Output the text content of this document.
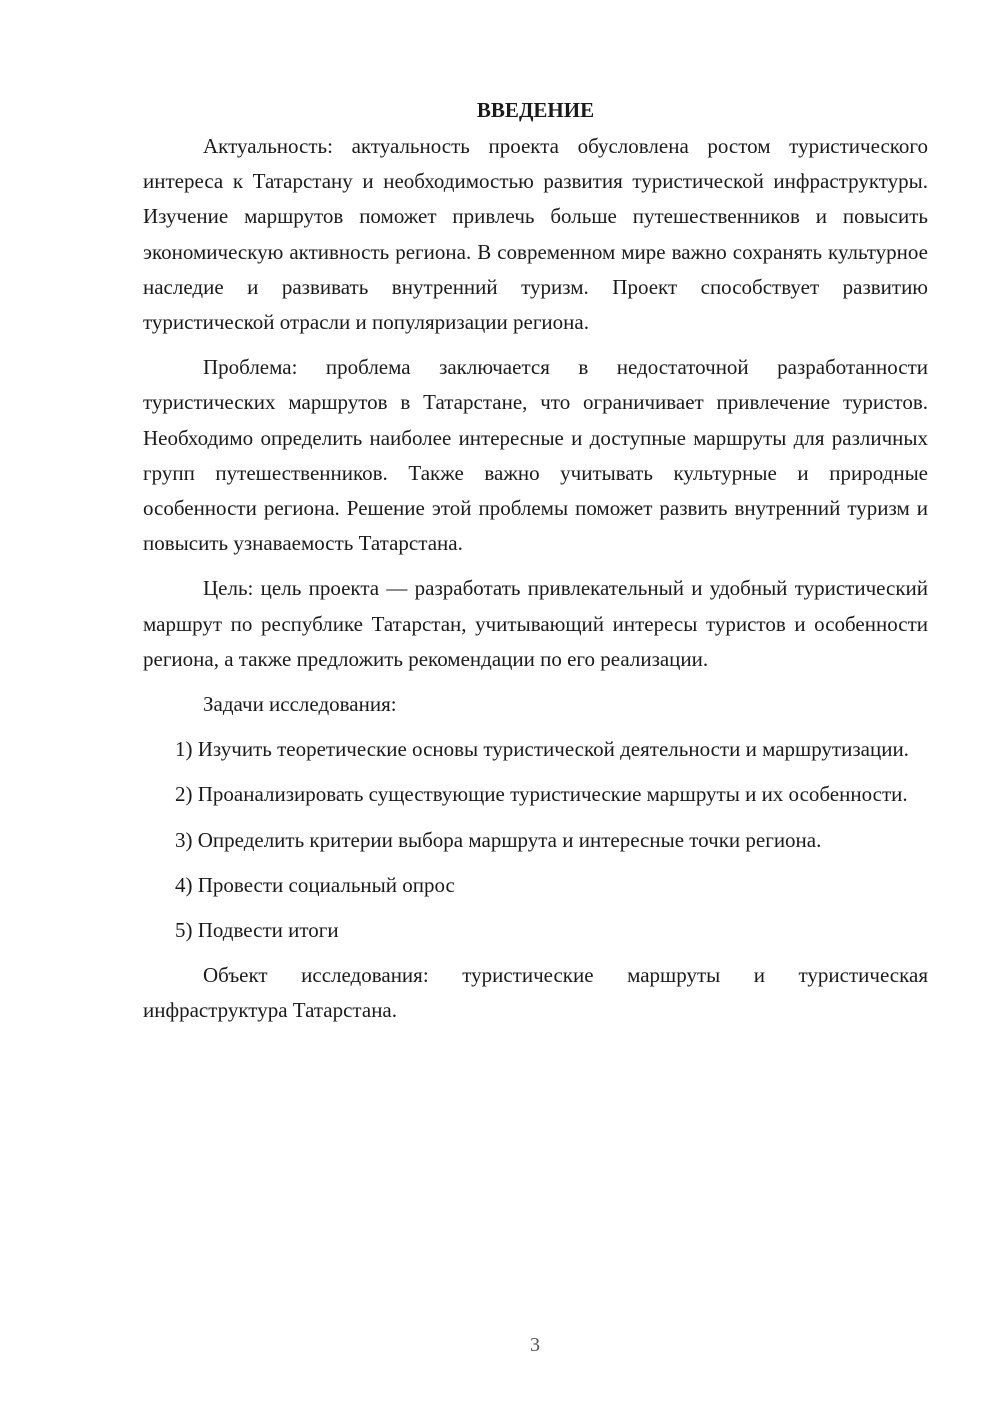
ВВЕДЕНИЕ

Актуальность: актуальность проекта обусловлена ростом туристического интереса к Татарстану и необходимостью развития туристической инфраструктуры. Изучение маршрутов поможет привлечь больше путешественников и повысить экономическую активность региона. В современном мире важно сохранять культурное наследие и развивать внутренний туризм. Проект способствует развитию туристической отрасли и популяризации региона.

Проблема: проблема заключается в недостаточной разработанности туристических маршрутов в Татарстане, что ограничивает привлечение туристов. Необходимо определить наиболее интересные и доступные маршруты для различных групп путешественников. Также важно учитывать культурные и природные особенности региона. Решение этой проблемы поможет развить внутренний туризм и повысить узнаваемость Татарстана.

Цель: цель проекта — разработать привлекательный и удобный туристический маршрут по республике Татарстан, учитывающий интересы туристов и особенности региона, а также предложить рекомендации по его реализации.

Задачи исследования:

1) Изучить теоретические основы туристической деятельности и маршрутизации.

2) Проанализировать существующие туристические маршруты и их особенности.

3) Определить критерии выбора маршрута и интересные точки региона.

4) Провести социальный опрос

5) Подвести итоги

Объект исследования: туристические маршруты и туристическая инфраструктура Татарстана.

3
